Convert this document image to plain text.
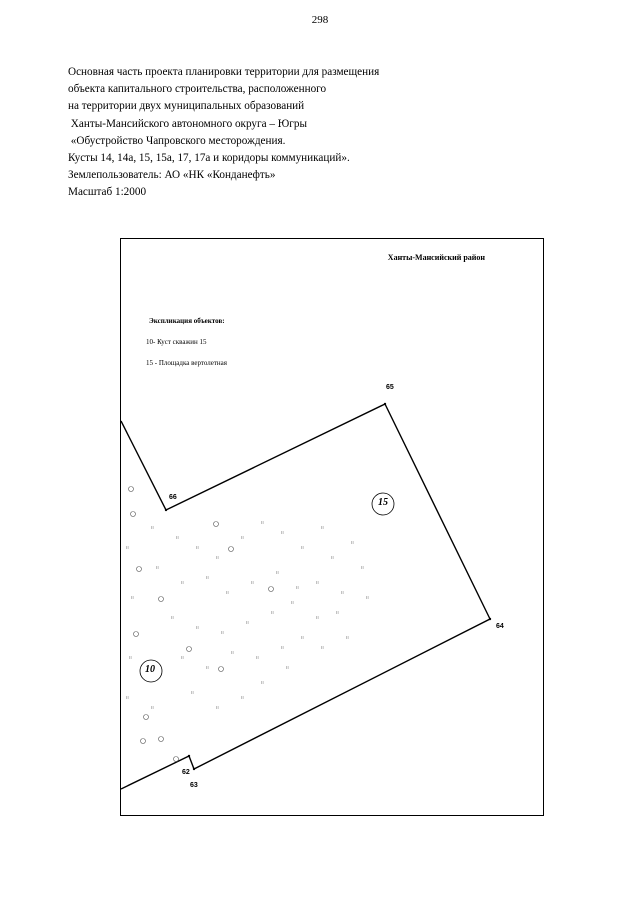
298
Основная часть проекта планировки территории для размещения
объекта капитального строительства, расположенного
на территории двух муниципальных образований
Ханты-Мансийского автономного округа – Югры
«Обустройство Чапровского месторождения.
Кусты 14, 14а, 15, 15а, 17, 17а и коридоры коммуникаций».
Землепользователь: АО «НК «Конданефть»
Масштаб 1:2000
ıı
ıı
ıı
ıı
ıı
ıı
ıı
ıı
ıı
ıı
ıı
ıı
ıı
ıı
ıı
ıı
ıı
ıı
ıı
ıı
ıı
ıı
ıı
ıı
ıı
ıı
ıı
ıı
ıı
ıı
ıı
ıı
ıı
ıı
ıı
ıı
ıı
ıı
ıı
ıı
ıı
ıı
ıı
ıı
ıı
ıı
ıı
ıı
Ханты-Мансийский район
Экспликация объектов:
10- Куст скважин 15
15 - Площадка вертолетная
65
66
64
62
63
15
10
